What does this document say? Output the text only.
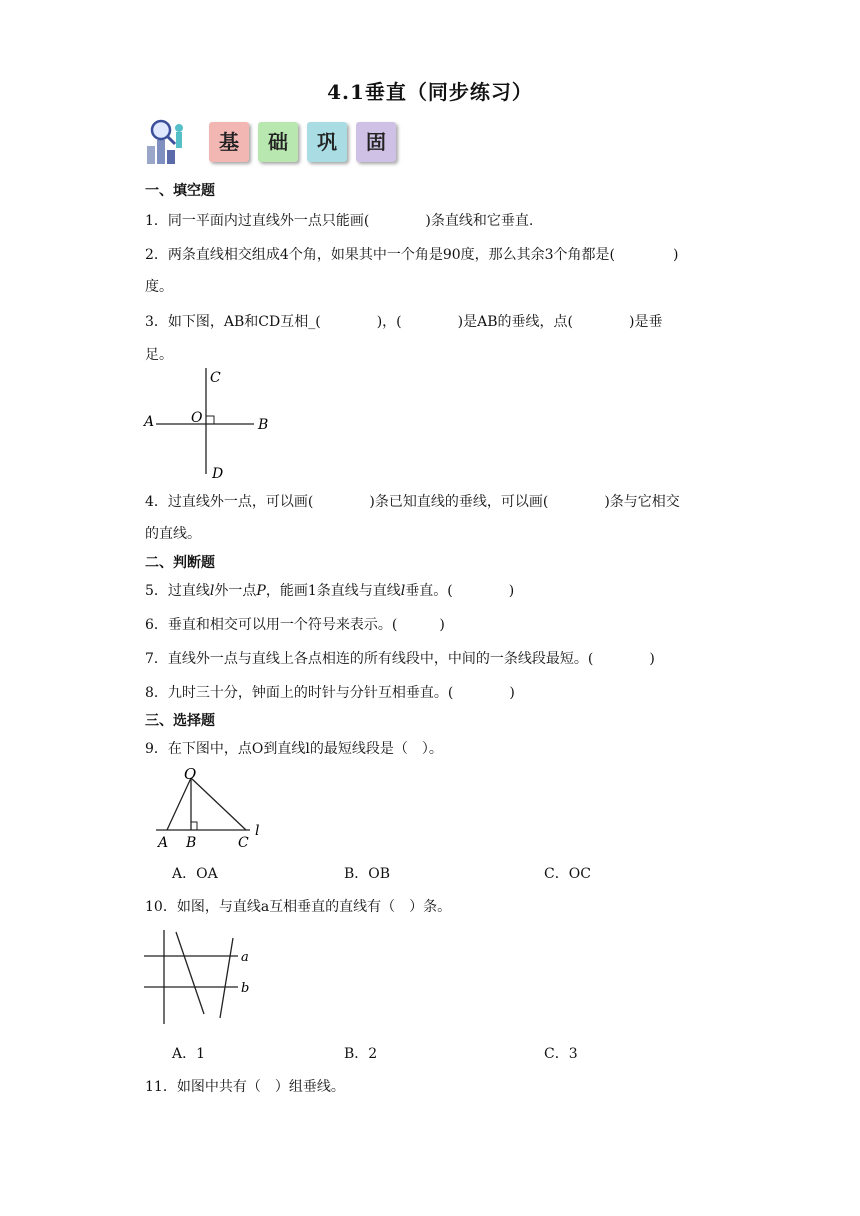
4.1垂直（同步练习）
基	础	巩	固
一、填空题
1．同一平面内过直线外一点只能画(	)条直线和它垂直.
2．两条直线相交组成4个角，如果其中一个角是90度，那么其余3个角都是(	)
度。
3．如下图，AB和CD互相_(	)，(	)是AB的垂线，点(	)是垂
足。
C
A	O	B
D
4．过直线外一点，可以画(	)条已知直线的垂线，可以画(	)条与它相交
的直线。
二、判断题
5．过直线l外一点P，能画1条直线与直线l垂直。(	)
6．垂直和相交可以用一个符号来表示。(	)
7．直线外一点与直线上各点相连的所有线段中，中间的一条线段最短。(	)
8．九时三十分，钟面上的时针与分针互相垂直。(	)
三、选择题
9．在下图中，点O到直线l的最短线段是（　）。
O
A B	C
l
A．OA	B．OB	C．OC
10．如图，与直线a互相垂直的直线有（　）条。
a
b
A．1	B．2	C．3
11．如图中共有（　）组垂线。
